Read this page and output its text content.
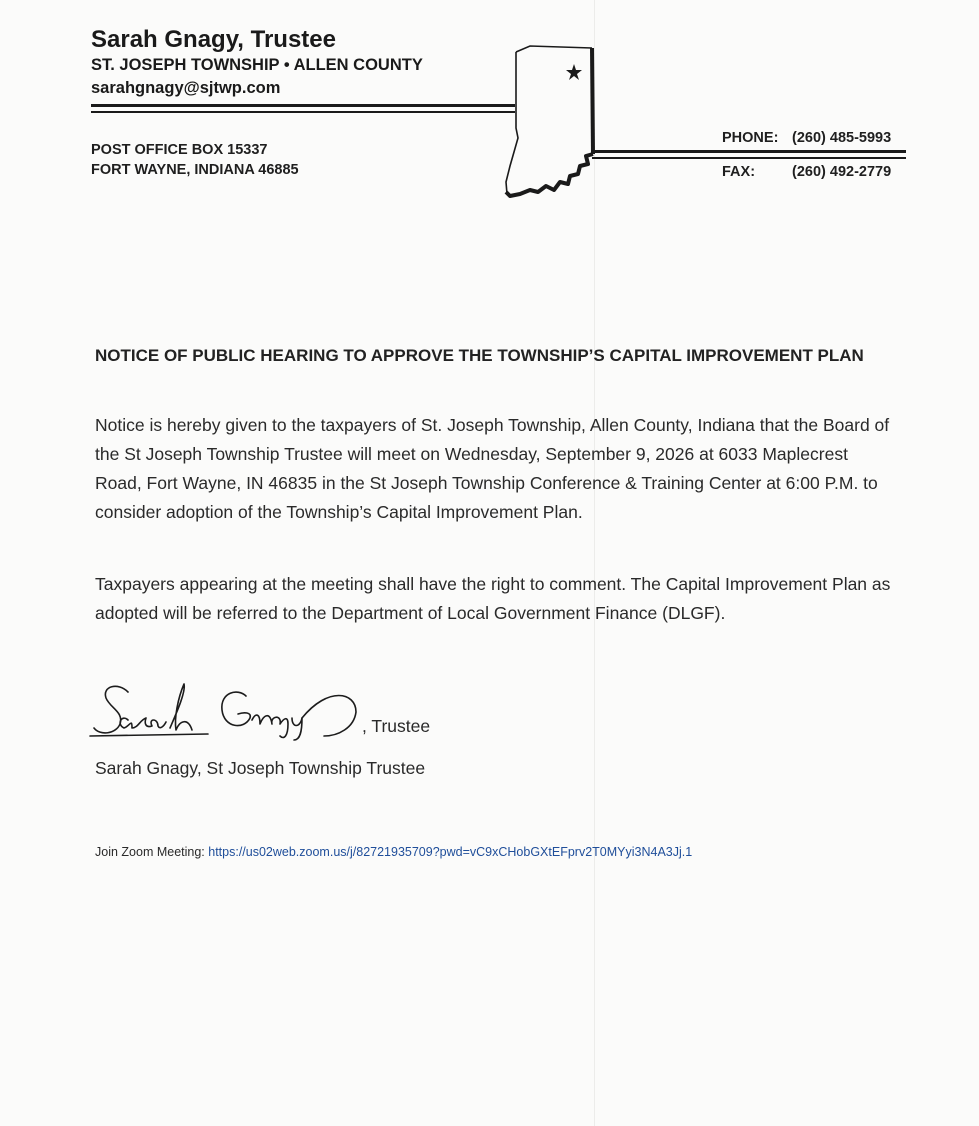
Sarah Gnagy, Trustee
ST. JOSEPH TOWNSHIP • ALLEN COUNTY
sarahgnagy@sjtwp.com
POST OFFICE BOX 15337
FORT WAYNE, INDIANA 46885
PHONE: (260) 485-5993
FAX:	(260) 492-2779
NOTICE OF PUBLIC HEARING TO APPROVE THE TOWNSHIP’S CAPITAL IMPROVEMENT PLAN
Notice is hereby given to the taxpayers of St. Joseph Township, Allen County, Indiana that the Board of the St Joseph Township Trustee will meet on Wednesday, September 9, 2026 at 6033 Maplecrest Road, Fort Wayne, IN 46835 in the St Joseph Township Conference & Training Center at 6:00 P.M. to consider adoption of the Township’s Capital Improvement Plan.
Taxpayers appearing at the meeting shall have the right to comment. The Capital Improvement Plan as adopted will be referred to the Department of Local Government Finance (DLGF).
, Trustee
Sarah Gnagy, St Joseph Township Trustee
Join Zoom Meeting: https://us02web.zoom.us/j/82721935709?pwd=vC9xCHobGXtEFprv2T0MYyi3N4A3Jj.1
